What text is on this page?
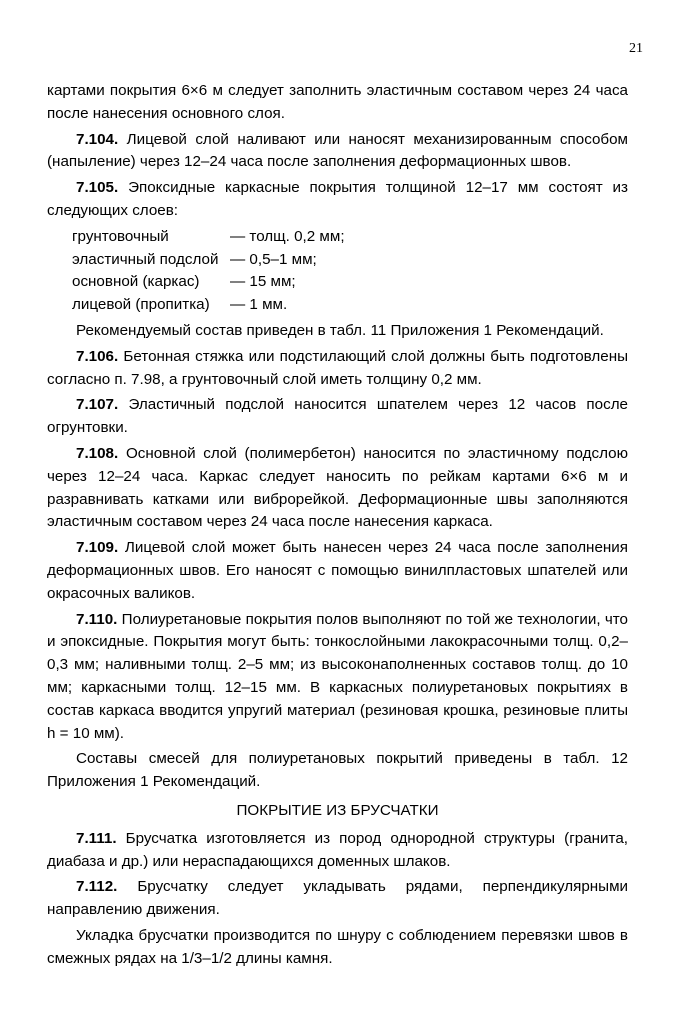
21

картами покрытия 6×6 м следует заполнить эластичным составом через 24 часа после нанесения основного слоя.

7.104. Лицевой слой наливают или наносят механизированным способом (напыление) через 12–24 часа после заполнения деформационных швов.

7.105. Эпоксидные каркасные покрытия толщиной 12–17 мм состоят из следующих слоев:

грунтовочный	— толщ. 0,2 мм;
эластичный подслой	— 0,5–1 мм;
основной (каркас)	— 15 мм;
лицевой (пропитка)	— 1 мм.

Рекомендуемый состав приведен в табл. 11 Приложения 1 Рекомендаций.

7.106. Бетонная стяжка или подстилающий слой должны быть подготовлены согласно п. 7.98, а грунтовочный слой иметь толщину 0,2 мм.

7.107. Эластичный подслой наносится шпателем через 12 часов после огрунтовки.

7.108. Основной слой (полимербетон) наносится по эластичному подслою через 12–24 часа. Каркас следует наносить по рейкам картами 6×6 м и разравнивать катками или виброрейкой. Деформационные швы заполняются эластичным составом через 24 часа после нанесения каркаса.

7.109. Лицевой слой может быть нанесен через 24 часа после заполнения деформационных швов. Его наносят с помощью винилпластовых шпателей или окрасочных валиков.

7.110. Полиуретановые покрытия полов выполняют по той же технологии, что и эпоксидные. Покрытия могут быть: тонкослойными лакокрасочными толщ. 0,2–0,3 мм; наливными толщ. 2–5 мм; из высоконаполненных составов толщ. до 10 мм; каркасными толщ. 12–15 мм. В каркасных полиуретановых покрытиях в состав каркаса вводится упругий материал (резиновая крошка, резиновые плиты h = 10 мм).

Составы смесей для полиуретановых покрытий приведены в табл. 12 Приложения 1 Рекомендаций.

ПОКРЫТИЕ ИЗ БРУСЧАТКИ

7.111. Брусчатка изготовляется из пород однородной структуры (гранита, диабаза и др.) или нераспадающихся доменных шлаков.

7.112. Брусчатку следует укладывать рядами, перпендикулярными направлению движения.

Укладка брусчатки производится по шнуру с соблюдением перевязки швов в смежных рядах на 1/3–1/2 длины камня.
